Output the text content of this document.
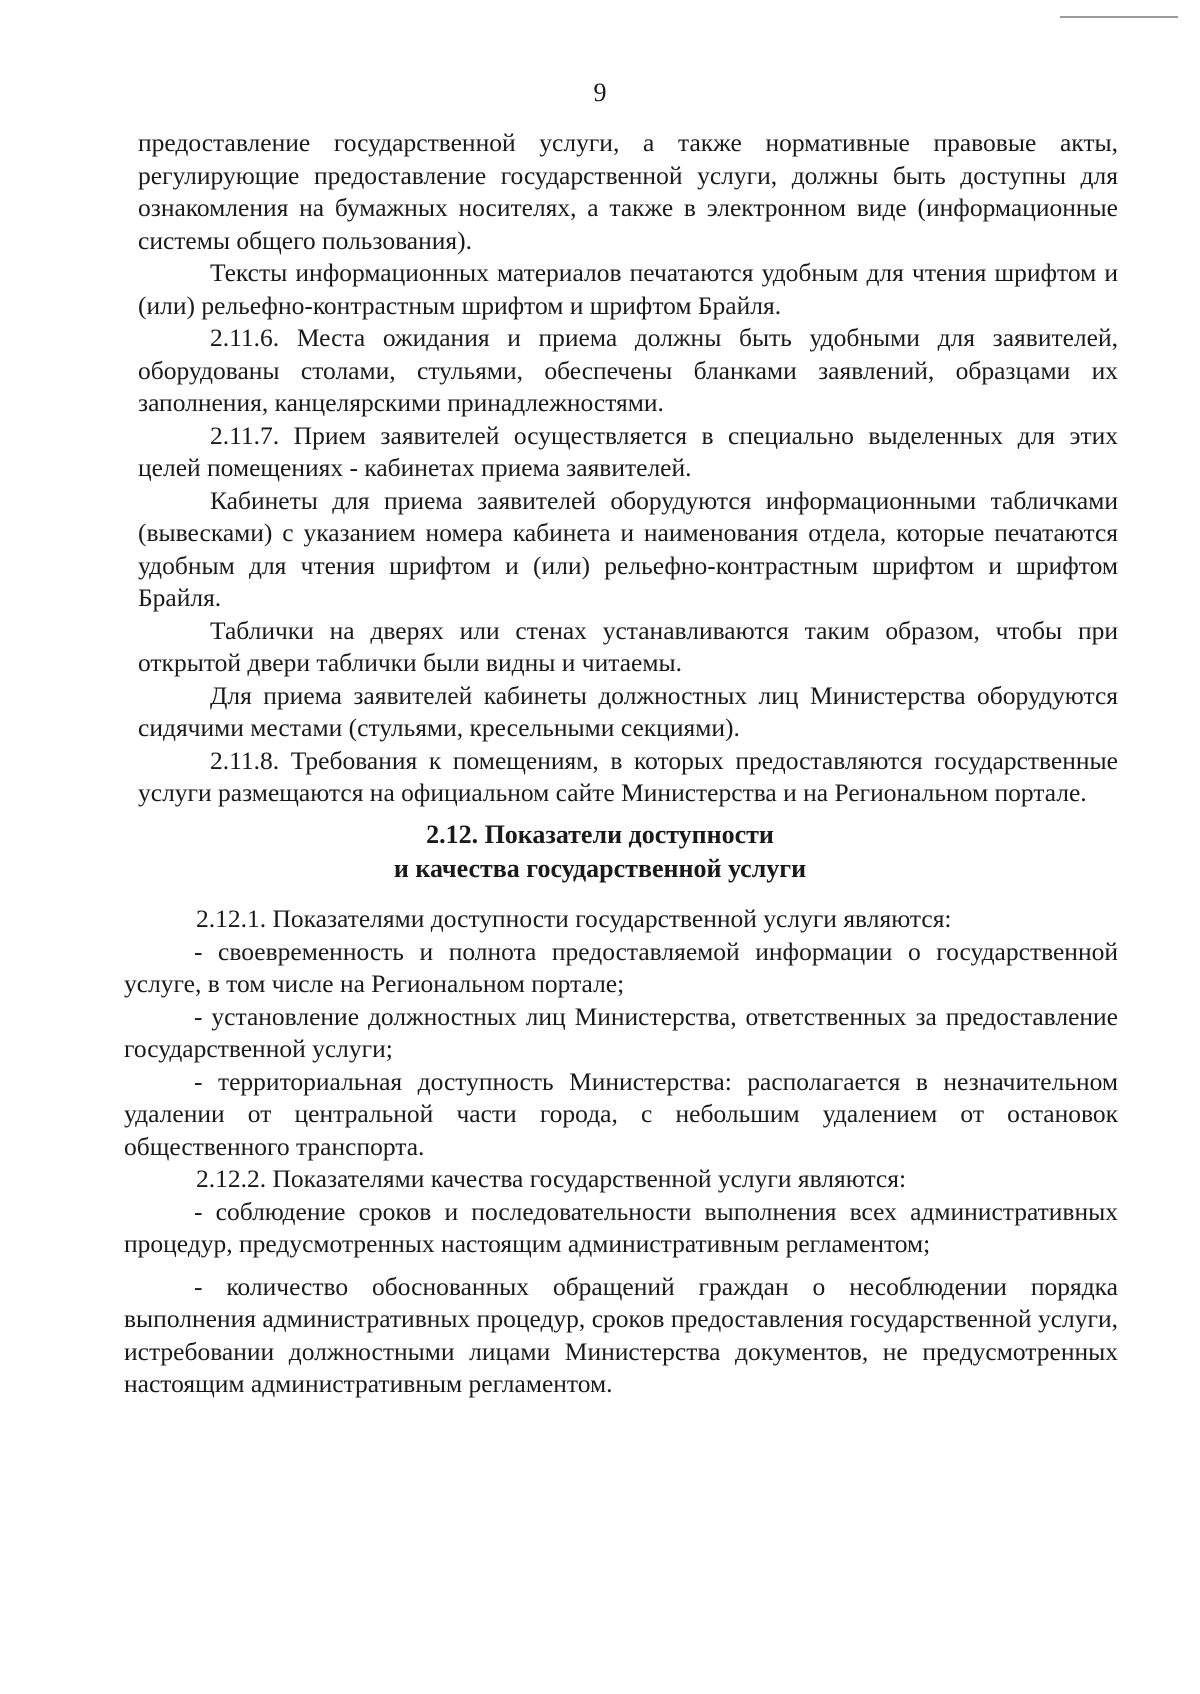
9

предоставление государственной услуги, а также нормативные правовые акты, регулирующие предоставление государственной услуги, должны быть доступны для ознакомления на бумажных носителях, а также в электронном виде (информационные системы общего пользования).

Тексты информационных материалов печатаются удобным для чтения шрифтом и (или) рельефно-контрастным шрифтом и шрифтом Брайля.

2.11.6. Места ожидания и приема должны быть удобными для заявителей, оборудованы столами, стульями, обеспечены бланками заявлений, образцами их заполнения, канцелярскими принадлежностями.

2.11.7. Прием заявителей осуществляется в специально выделенных для этих целей помещениях - кабинетах приема заявителей.

Кабинеты для приема заявителей оборудуются информационными табличками (вывесками) с указанием номера кабинета и наименования отдела, которые печатаются удобным для чтения шрифтом и (или) рельефно-контрастным шрифтом и шрифтом Брайля.

Таблички на дверях или стенах устанавливаются таким образом, чтобы при открытой двери таблички были видны и читаемы.

Для приема заявителей кабинеты должностных лиц Министерства оборудуются сидячими местами (стульями, кресельными секциями).

2.11.8. Требования к помещениям, в которых предоставляются государственные услуги размещаются на официальном сайте Министерства и на Региональном портале.

2.12. Показатели доступности
и качества государственной услуги

2.12.1. Показателями доступности государственной услуги являются:

- своевременность и полнота предоставляемой информации о государственной услуге, в том числе на Региональном портале;

- установление должностных лиц Министерства, ответственных за предоставление государственной услуги;

- территориальная доступность Министерства: располагается в незначительном удалении от центральной части города, с небольшим удалением от остановок общественного транспорта.

2.12.2. Показателями качества государственной услуги являются:

- соблюдение сроков и последовательности выполнения всех административных процедур, предусмотренных настоящим административным регламентом;

- количество обоснованных обращений граждан о несоблюдении порядка выполнения административных процедур, сроков предоставления государственной услуги, истребовании должностными лицами Министерства документов, не предусмотренных настоящим административным регламентом.
